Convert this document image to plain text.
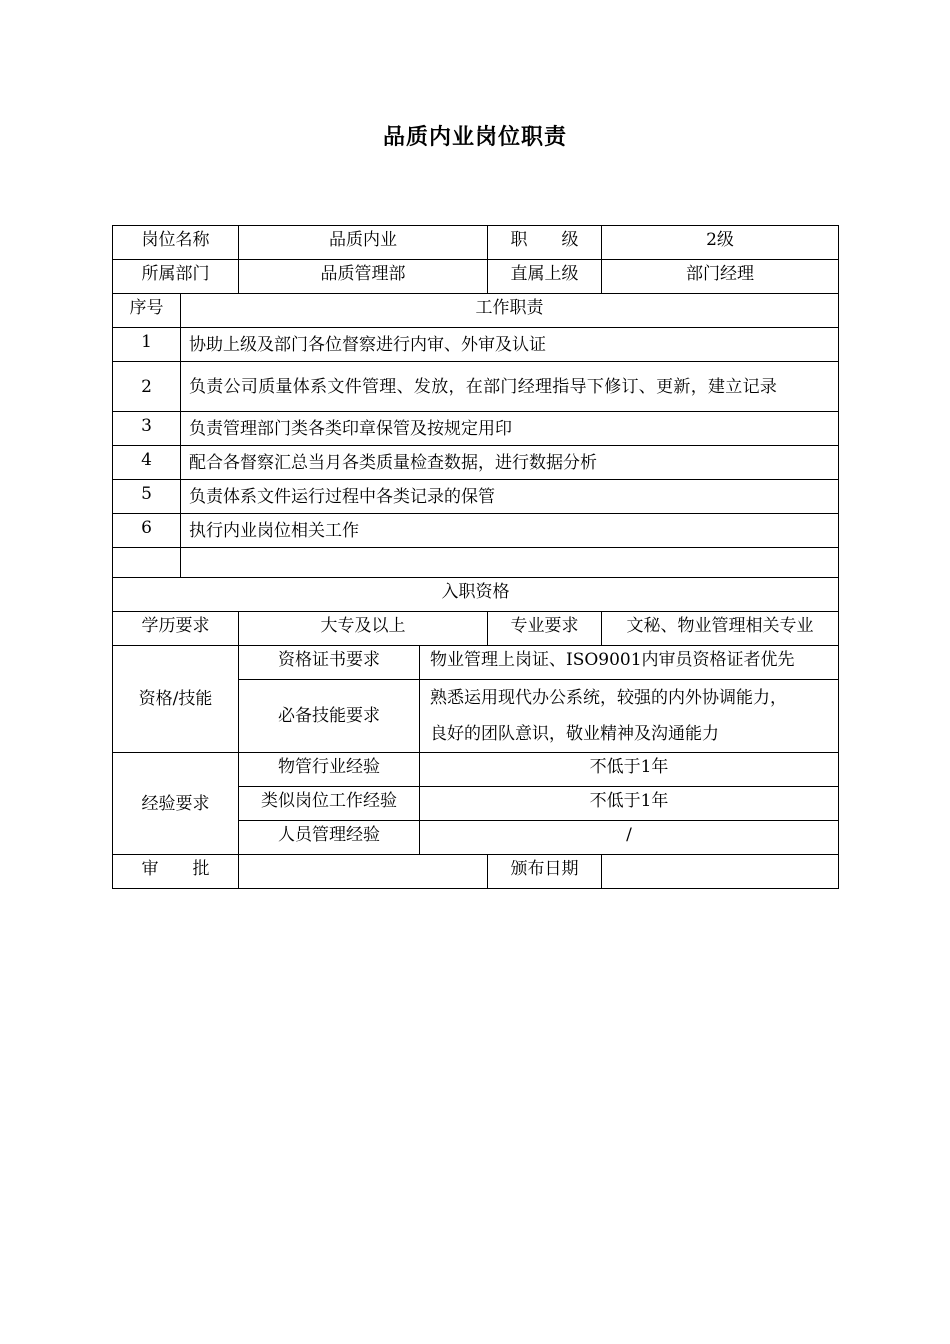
品质内业岗位职责
岗位名称		品质内业		职　　级	2级
所属部门		品质管理部		直属上级	部门经理
序号	工作职责				
1	协助上级及部门各位督察进行内审、外审及认证				
2	负责公司质量体系文件管理、发放，在部门经理指导下修订、更新，建立记录				
3	负责管理部门类各类印章保管及按规定用印				
4	配合各督察汇总当月各类质量检查数据，进行数据分析				
5	负责体系文件运行过程中各类记录的保管				
6	执行内业岗位相关工作				

入职资格					
学历要求		大专及以上		专业要求	文秘、物业管理相关专业
资格/技能		资格证书要求	物业管理上岗证、ISO9001内审员资格证者优先		
		必备技能要求	熟悉运用现代办公系统，较强的内外协调能力，良好的团队意识，敬业精神及沟通能力		
经验要求		物管行业经验	不低于1年		
		类似岗位工作经验	不低于1年		
		人员管理经验	/		
审　　批				颁布日期	
